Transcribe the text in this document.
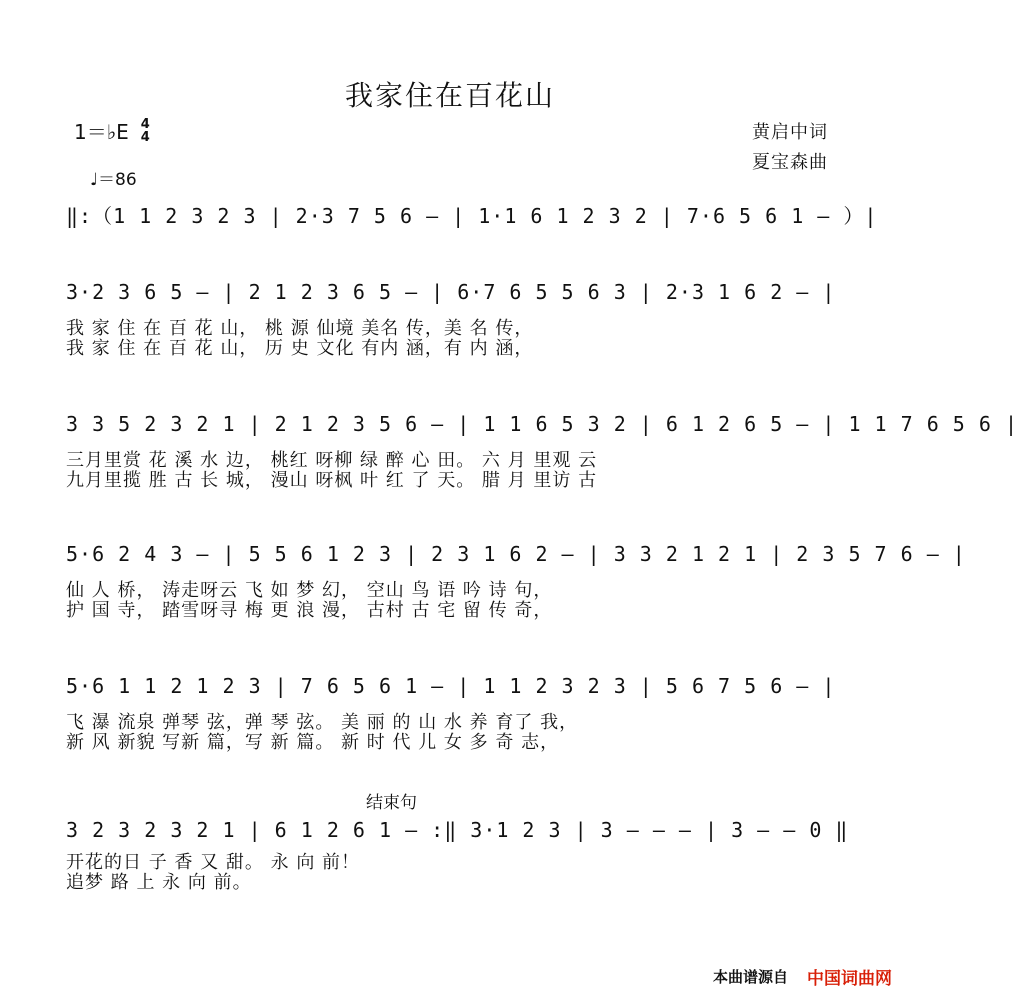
我家住在百花山
1＝♭E 4
4
♩＝86
黄启中词
夏宝森曲
‖:（1 1 2 3 2 3 | 2·3 7 5 6 — | 1·1 6 1 2 3 2 | 7·6 5 6 1 — ）|
3·2 3 6 5 — | 2 1 2 3 6 5 — | 6·7 6 5 5 6 3 | 2·3 1 6 2 — |
我 家 住 在 百 花 山， 桃 源 仙境 美名 传，美 名 传，
我 家 住 在 百 花 山， 历 史 文化 有内 涵，有 内 涵，
3 3 5 2 3 2 1 | 2 1 2 3 5 6 — | 1 1 6 5 3 2 | 6 1 2 6 5 — | 1 1 7 6 5 6 |
三月里赏 花 溪 水 边， 桃红 呀柳 绿 醉 心 田。 六 月 里观 云
九月里揽 胜 古 长 城， 漫山 呀枫 叶 红 了 天。 腊 月 里访 古
5·6 2 4 3 — | 5 5 6 1 2 3 | 2 3 1 6 2 — | 3 3 2 1 2 1 | 2 3 5 7 6 — |
仙 人 桥， 涛走呀云 飞 如 梦 幻， 空山 鸟 语 吟 诗 句，
护 国 寺， 踏雪呀寻 梅 更 浪 漫， 古村 古 宅 留 传 奇，
5·6 1 1 2 1 2 3 | 7 6 5 6 1 — | 1 1 2 3 2 3 | 5 6 7 5 6 — |
飞 瀑 流泉 弹琴 弦，弹 琴 弦。 美 丽 的 山 水 养 育了 我，
新 风 新貌 写新 篇，写 新 篇。 新 时 代 儿 女 多 奇 志，
结束句
3 2 3 2 3 2 1 | 6 1 2 6 1 — :‖ 3·1 2 3 | 3 — — — | 3 — — 0 ‖
开花的日 子 香 又 甜。 永 向 前！
追梦 路 上 永 向 前。
本曲谱源自 中国词曲网
